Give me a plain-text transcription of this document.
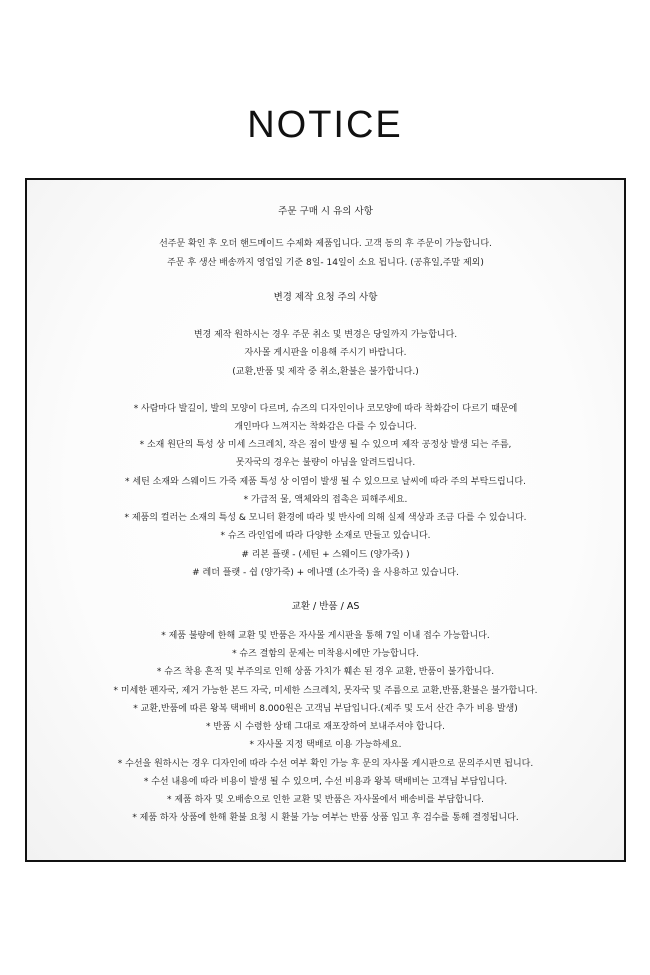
NOTICE
주문 구매 시 유의 사항
선주문 확인 후 오더 핸드메이드 수제화 제품입니다. 고객 동의 후 주문이 가능합니다.
주문 후 생산 배송까지 영업일 기준 8일- 14일이 소요 됩니다. (공휴일,주말 제외)
변경 제작 요청 주의 사항
변경 제작 원하시는 경우 주문 취소 및 변경은 당일까지 가능합니다.
자사몰 게시판을 이용해 주시기 바랍니다.
(교환,반품 및 제작 중 취소,환불은 불가합니다.)
* 사람마다 발길이, 발의 모양이 다르며, 슈즈의 디자인이나 코모양에 따라 착화감이 다르기 때문에
개인마다 느껴지는 착화감은 다를 수 있습니다.
* 소재 원단의 특성 상 미세 스크레치, 작은 점이 발생 될 수 있으며 제작 공정상 발생 되는 주름,
못자국의 경우는 불량이 아님을 알려드립니다.
* 세틴 소재와 스웨이드 가죽 제품 특성 상 이염이 발생 될 수 있으므로 날씨에 따라 주의 부탁드립니다.
* 가급적 물, 액체와의 접촉은 피해주세요.
* 제품의 컬러는 소재의 특성 & 모니터 환경에 따라 빛 반사에 의해 실제 색상과 조금 다를 수 있습니다.
* 슈즈 라인업에 따라 다양한 소재로 만들고 있습니다.
# 리본 플랫 - (세틴 + 스웨이드 (양가죽) )
# 레더 플랫 - 쉽 (양가죽) + 에나멜 (소가죽) 을 사용하고 있습니다.
교환 / 반품 / AS
* 제품 불량에 한해 교환 및 반품은 자사몰 게시판을 통해 7일 이내 접수 가능합니다.
* 슈즈 결함의 문제는 미착용시에만 가능합니다.
* 슈즈 착용 흔적 및 부주의로 인해 상품 가치가 훼손 된 경우 교환, 반품이 불가합니다.
* 미세한 펜자국, 제거 가능한 본드 자국, 미세한 스크레치, 못자국 및 주름으로 교환,반품,환불은 불가합니다.
* 교환,반품에 따른 왕복 택배비 8.000원은 고객님 부담입니다.(제주 및 도서 산간 추가 비용 발생)
* 반품 시 수령한 상태 그대로 재포장하여 보내주셔야 합니다.
* 자사몰 지정 택배로 이용 가능하세요.
* 수선을 원하시는 경우 디자인에 따라 수선 여부 확인 가능 후 문의 자사몰 게시판으로 문의주시면 됩니다.
* 수선 내용에 따라 비용이 발생 될 수 있으며, 수선 비용과 왕복 택배비는 고객님 부담입니다.
* 제품 하자 및 오배송으로 인한 교환 및 반품은 자사몰에서 배송비를 부담합니다.
* 제품 하자 상품에 한해 환불 요청 시 환불 가능 여부는 반품 상품 입고 후 검수를 통해 결정됩니다.
